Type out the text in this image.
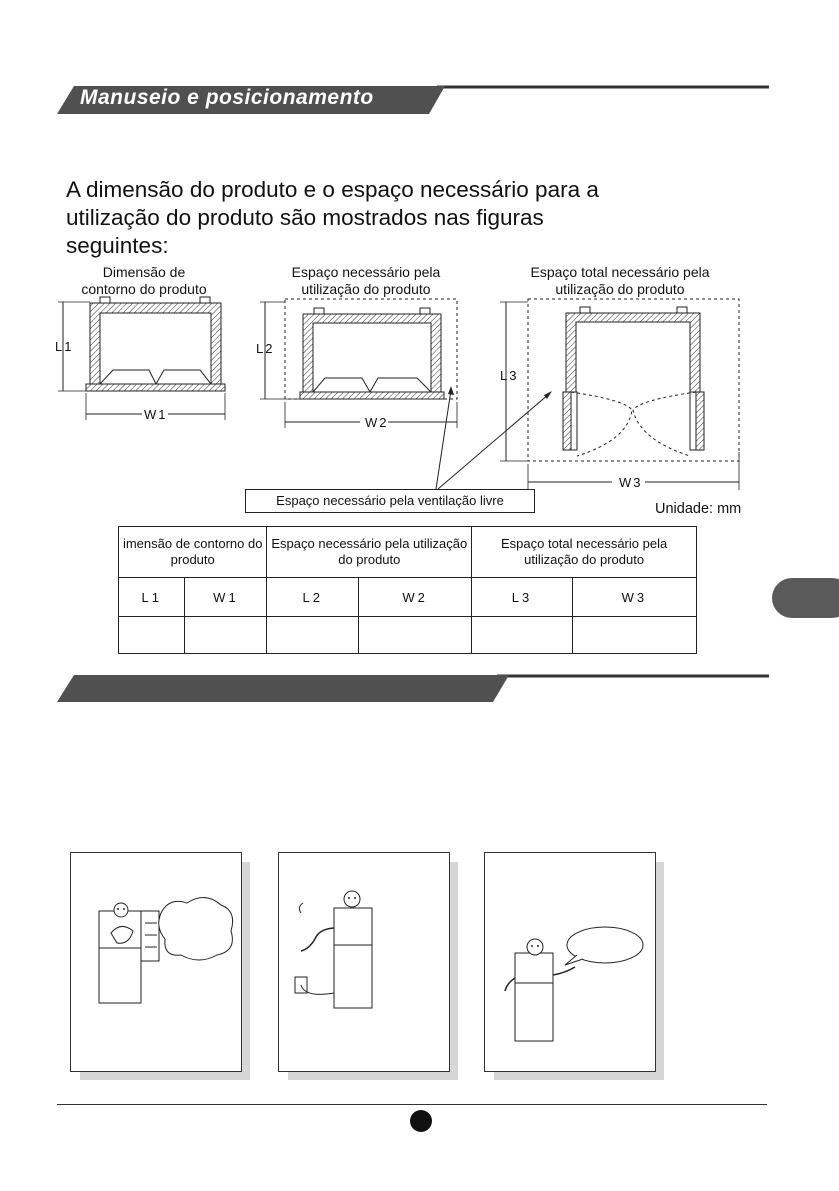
Manuseio e posicionamento
A dimensão do produto e o espaço necessário para a
utilização do produto são mostrados nas figuras
seguintes:
Dimensão de
contorno do produto
Espaço necessário pela
utilização do produto
Espaço total necessário pela
utilização do produto
L1
W1
L2
W2
L3
W3
Espaço necessário pela ventilação livre
Unidade: mm
imensão de contorno do produto		Espaço necessário pela utilização do produto		Espaço total necessário pela utilização do produto	
L1	W1	L2	W2	L3	W3
